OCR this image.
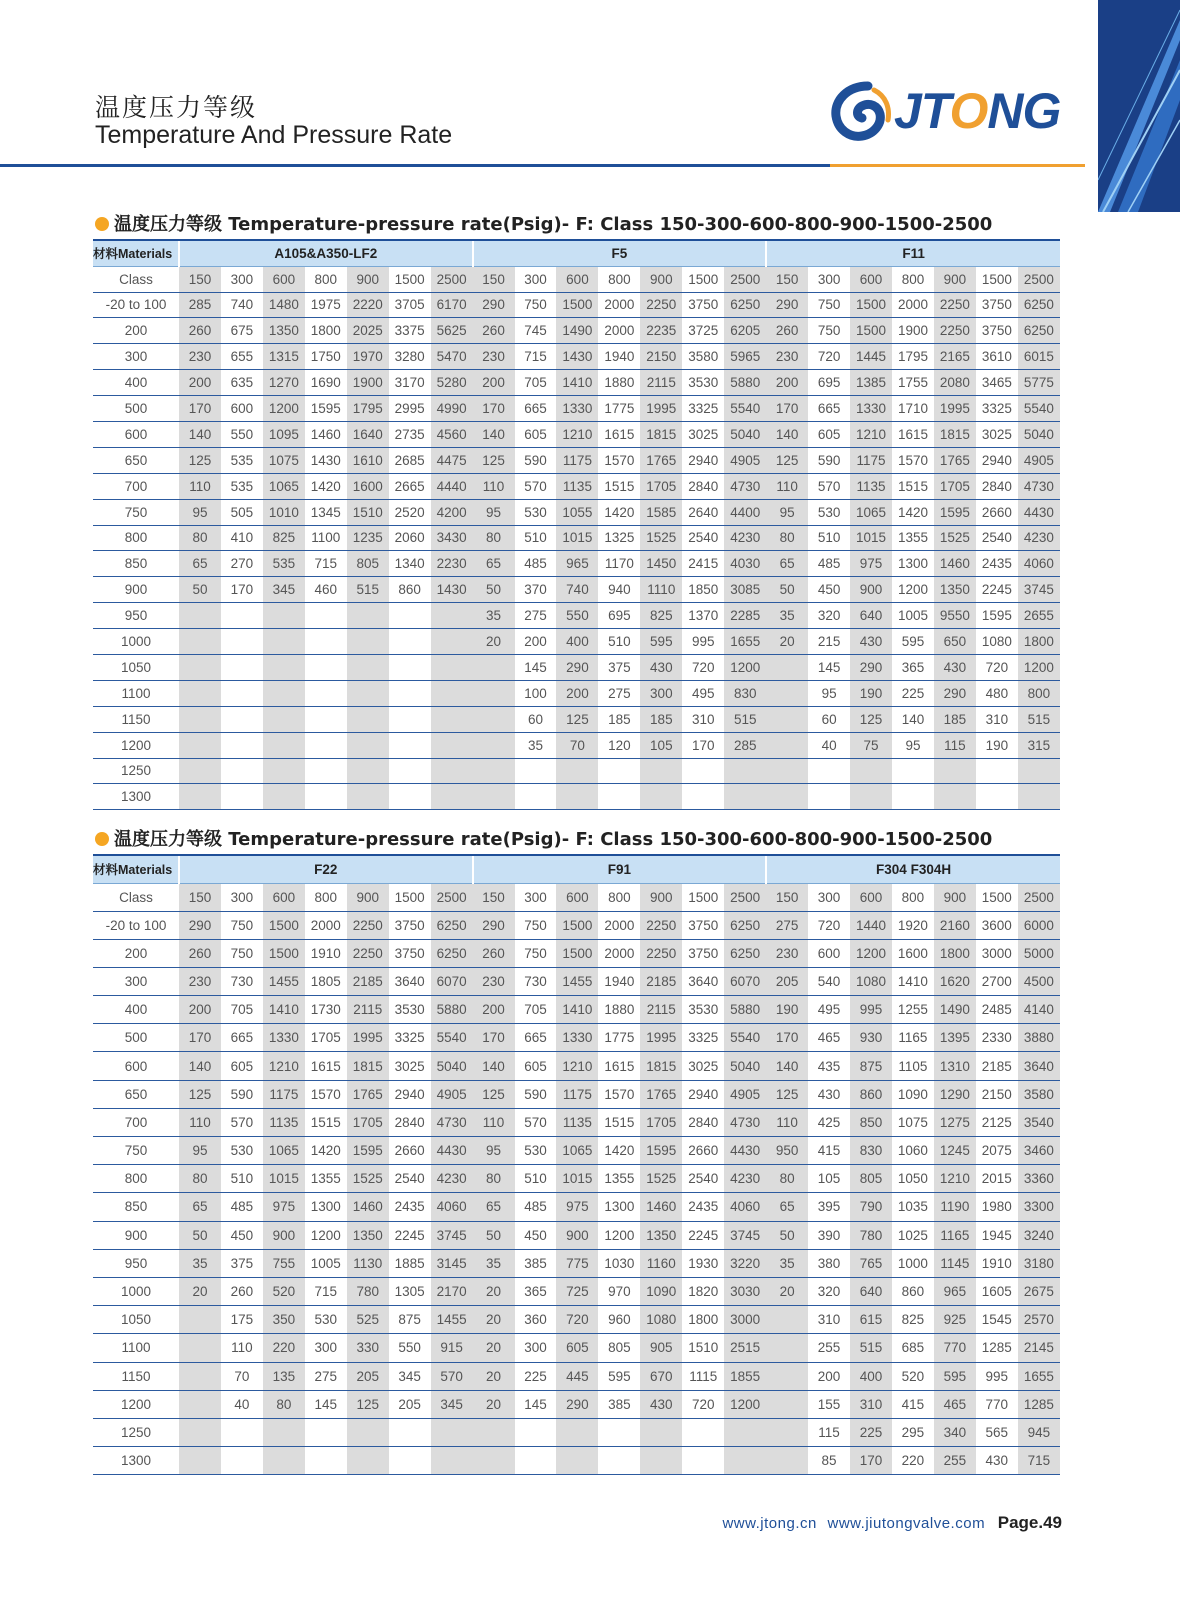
温度压力等级
Temperature And Pressure Rate	JTONG
温度压力等级 Temperature-pressure rate(Psig)- F: Class 150-300-600-800-900-1500-2500
材料Materials	A105&A350-LF2							F5							F11						
Class	150	300	600	800	900	1500	2500	150	300	600	800	900	1500	2500	150	300	600	800	900	1500	2500
-20 to 100	285	740	1480	1975	2220	3705	6170	290	750	1500	2000	2250	3750	6250	290	750	1500	2000	2250	3750	6250
200	260	675	1350	1800	2025	3375	5625	260	745	1490	2000	2235	3725	6205	260	750	1500	1900	2250	3750	6250
300	230	655	1315	1750	1970	3280	5470	230	715	1430	1940	2150	3580	5965	230	720	1445	1795	2165	3610	6015
400	200	635	1270	1690	1900	3170	5280	200	705	1410	1880	2115	3530	5880	200	695	1385	1755	2080	3465	5775
500	170	600	1200	1595	1795	2995	4990	170	665	1330	1775	1995	3325	5540	170	665	1330	1710	1995	3325	5540
600	140	550	1095	1460	1640	2735	4560	140	605	1210	1615	1815	3025	5040	140	605	1210	1615	1815	3025	5040
650	125	535	1075	1430	1610	2685	4475	125	590	1175	1570	1765	2940	4905	125	590	1175	1570	1765	2940	4905
700	110	535	1065	1420	1600	2665	4440	110	570	1135	1515	1705	2840	4730	110	570	1135	1515	1705	2840	4730
750	95	505	1010	1345	1510	2520	4200	95	530	1055	1420	1585	2640	4400	95	530	1065	1420	1595	2660	4430
800	80	410	825	1100	1235	2060	3430	80	510	1015	1325	1525	2540	4230	80	510	1015	1355	1525	2540	4230
850	65	270	535	715	805	1340	2230	65	485	965	1170	1450	2415	4030	65	485	975	1300	1460	2435	4060
900	50	170	345	460	515	860	1430	50	370	740	940	1110	1850	3085	50	450	900	1200	1350	2245	3745
950								35	275	550	695	825	1370	2285	35	320	640	1005	9550	1595	2655
1000								20	200	400	510	595	995	1655	20	215	430	595	650	1080	1800
1050									145	290	375	430	720	1200		145	290	365	430	720	1200
1100									100	200	275	300	495	830		95	190	225	290	480	800
1150									60	125	185	185	310	515		60	125	140	185	310	515
1200									35	70	120	105	170	285		40	75	95	115	190	315
1250																					
1300																					
温度压力等级 Temperature-pressure rate(Psig)- F: Class 150-300-600-800-900-1500-2500
材料Materials	F22							F91							F304 F304H						
Class	150	300	600	800	900	1500	2500	150	300	600	800	900	1500	2500	150	300	600	800	900	1500	2500
-20 to 100	290	750	1500	2000	2250	3750	6250	290	750	1500	2000	2250	3750	6250	275	720	1440	1920	2160	3600	6000
200	260	750	1500	1910	2250	3750	6250	260	750	1500	2000	2250	3750	6250	230	600	1200	1600	1800	3000	5000
300	230	730	1455	1805	2185	3640	6070	230	730	1455	1940	2185	3640	6070	205	540	1080	1410	1620	2700	4500
400	200	705	1410	1730	2115	3530	5880	200	705	1410	1880	2115	3530	5880	190	495	995	1255	1490	2485	4140
500	170	665	1330	1705	1995	3325	5540	170	665	1330	1775	1995	3325	5540	170	465	930	1165	1395	2330	3880
600	140	605	1210	1615	1815	3025	5040	140	605	1210	1615	1815	3025	5040	140	435	875	1105	1310	2185	3640
650	125	590	1175	1570	1765	2940	4905	125	590	1175	1570	1765	2940	4905	125	430	860	1090	1290	2150	3580
700	110	570	1135	1515	1705	2840	4730	110	570	1135	1515	1705	2840	4730	110	425	850	1075	1275	2125	3540
750	95	530	1065	1420	1595	2660	4430	95	530	1065	1420	1595	2660	4430	950	415	830	1060	1245	2075	3460
800	80	510	1015	1355	1525	2540	4230	80	510	1015	1355	1525	2540	4230	80	105	805	1050	1210	2015	3360
850	65	485	975	1300	1460	2435	4060	65	485	975	1300	1460	2435	4060	65	395	790	1035	1190	1980	3300
900	50	450	900	1200	1350	2245	3745	50	450	900	1200	1350	2245	3745	50	390	780	1025	1165	1945	3240
950	35	375	755	1005	1130	1885	3145	35	385	775	1030	1160	1930	3220	35	380	765	1000	1145	1910	3180
1000	20	260	520	715	780	1305	2170	20	365	725	970	1090	1820	3030	20	320	640	860	965	1605	2675
1050		175	350	530	525	875	1455	20	360	720	960	1080	1800	3000		310	615	825	925	1545	2570
1100		110	220	300	330	550	915	20	300	605	805	905	1510	2515		255	515	685	770	1285	2145
1150		70	135	275	205	345	570	20	225	445	595	670	1115	1855		200	400	520	595	995	1655
1200		40	80	145	125	205	345	20	145	290	385	430	720	1200		155	310	415	465	770	1285
1250																115	225	295	340	565	945
1300																85	170	220	255	430	715
www.jtong.cn www.jiutongvalve.com Page.49
